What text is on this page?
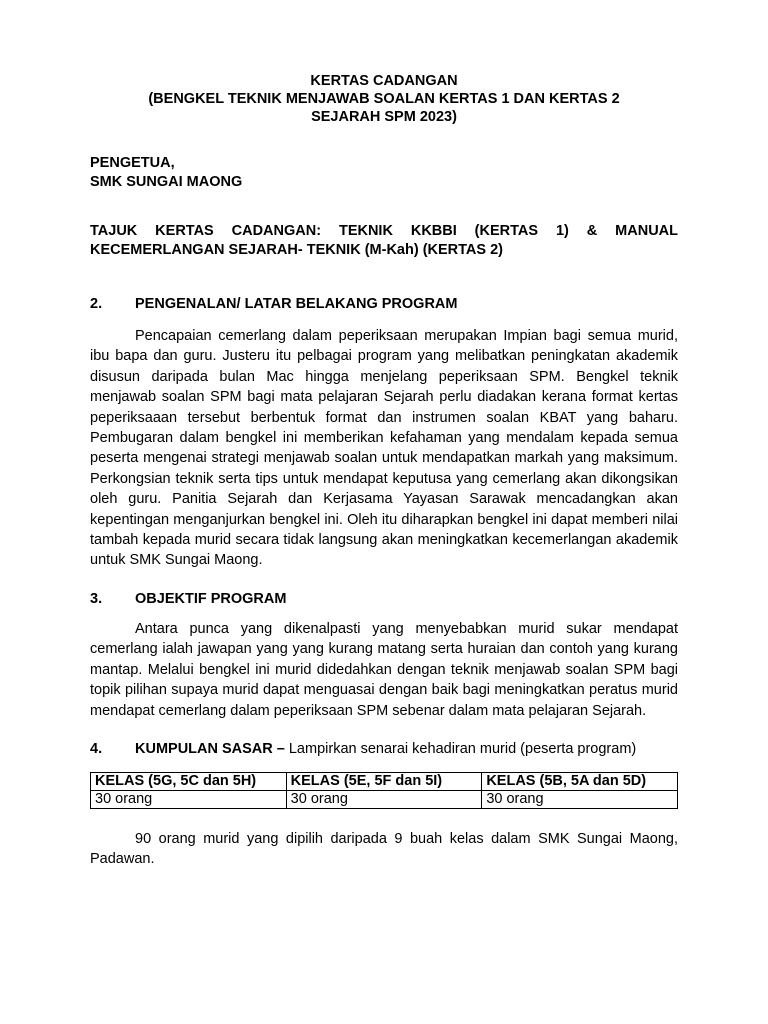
KERTAS CADANGAN
(BENGKEL TEKNIK MENJAWAB SOALAN KERTAS 1 DAN KERTAS 2
SEJARAH SPM 2023)
PENGETUA,
SMK SUNGAI MAONG
TAJUK KERTAS CADANGAN: TEKNIK KKBBI (KERTAS 1) & MANUAL KECEMERLANGAN SEJARAH- TEKNIK (M-Kah) (KERTAS 2)
2.	PENGENALAN/ LATAR BELAKANG PROGRAM
Pencapaian cemerlang dalam peperiksaan merupakan Impian bagi semua murid, ibu bapa dan guru. Justeru itu pelbagai program yang melibatkan peningkatan akademik disusun daripada bulan Mac hingga menjelang peperiksaan SPM. Bengkel teknik menjawab soalan SPM bagi mata pelajaran Sejarah perlu diadakan kerana format kertas peperiksaaan tersebut berbentuk format dan instrumen soalan KBAT yang baharu. Pembugaran dalam bengkel ini memberikan kefahaman yang mendalam kepada semua peserta mengenai strategi menjawab soalan untuk mendapatkan markah yang maksimum. Perkongsian teknik serta tips untuk mendapat keputusa yang cemerlang akan dikongsikan oleh guru. Panitia Sejarah dan Kerjasama Yayasan Sarawak mencadangkan akan kepentingan menganjurkan bengkel ini. Oleh itu diharapkan bengkel ini dapat memberi nilai tambah kepada murid secara tidak langsung akan meningkatkan kecemerlangan akademik untuk SMK Sungai Maong.
3.	OBJEKTIF PROGRAM
Antara punca yang dikenalpasti yang menyebabkan murid sukar mendapat cemerlang ialah jawapan yang yang kurang matang serta huraian dan contoh yang kurang mantap. Melalui bengkel ini murid didedahkan dengan teknik menjawab soalan SPM bagi topik pilihan supaya murid dapat menguasai dengan baik bagi meningkatkan peratus murid mendapat cemerlang dalam peperiksaan SPM sebenar dalam mata pelajaran Sejarah.
4.	KUMPULAN SASAR – Lampirkan senarai kehadiran murid (peserta program)
KELAS (5G, 5C dan 5H)	KELAS (5E, 5F dan 5I)	KELAS (5B, 5A dan 5D)
30 orang	30 orang	30 orang
90 orang murid yang dipilih daripada 9 buah kelas dalam SMK Sungai Maong, Padawan.
